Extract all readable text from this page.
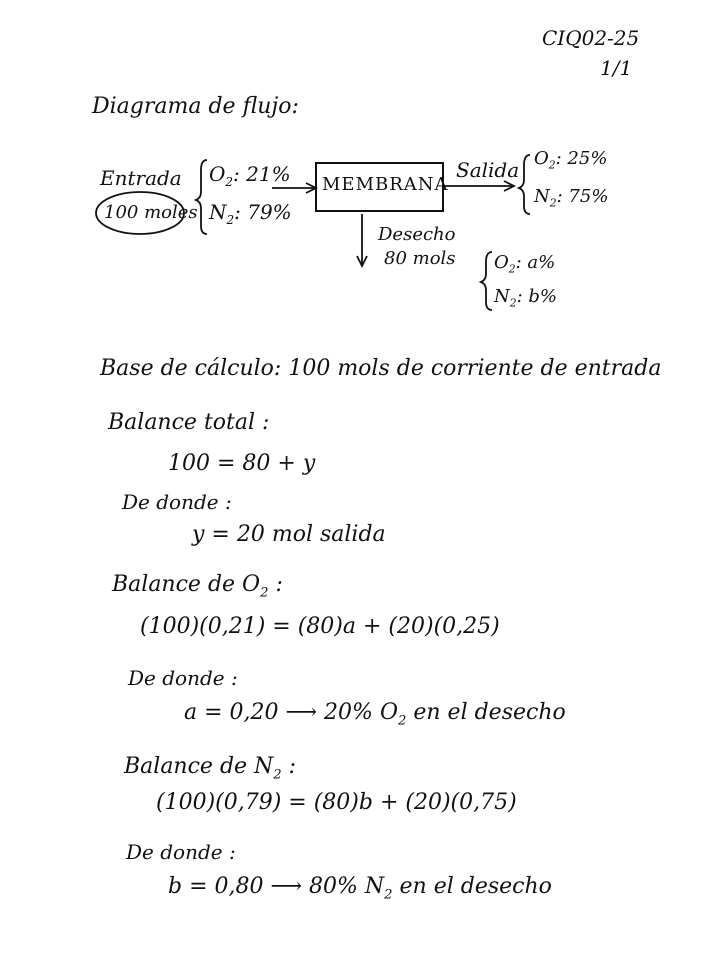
CIQ02-25
1/1
Diagrama de flujo:
Entrada
100 moles
$O_2$: 21%
$N_2$: 79%
MEMBRANA
Salida $O_2$: 25%
$N_2$: 75%
Desecho
80 mols $O_2$: a%
$N_2$: b%
Base de cálculo: 100 mols de corriente de entrada
Balance total :
100 = 80 + y
De donde :
y = 20 mol salida
Balance de $O_2$ :
(100)(0,21) = (80)a + (20)(0,25)
De donde :
a = 0,20 ⟶ 20% $O_2$ en el desecho
Balance de $N_2$ :
(100)(0,79) = (80)b + (20)(0,75)
De donde :
b = 0,80 ⟶ 80% $N_2$ en el desecho
